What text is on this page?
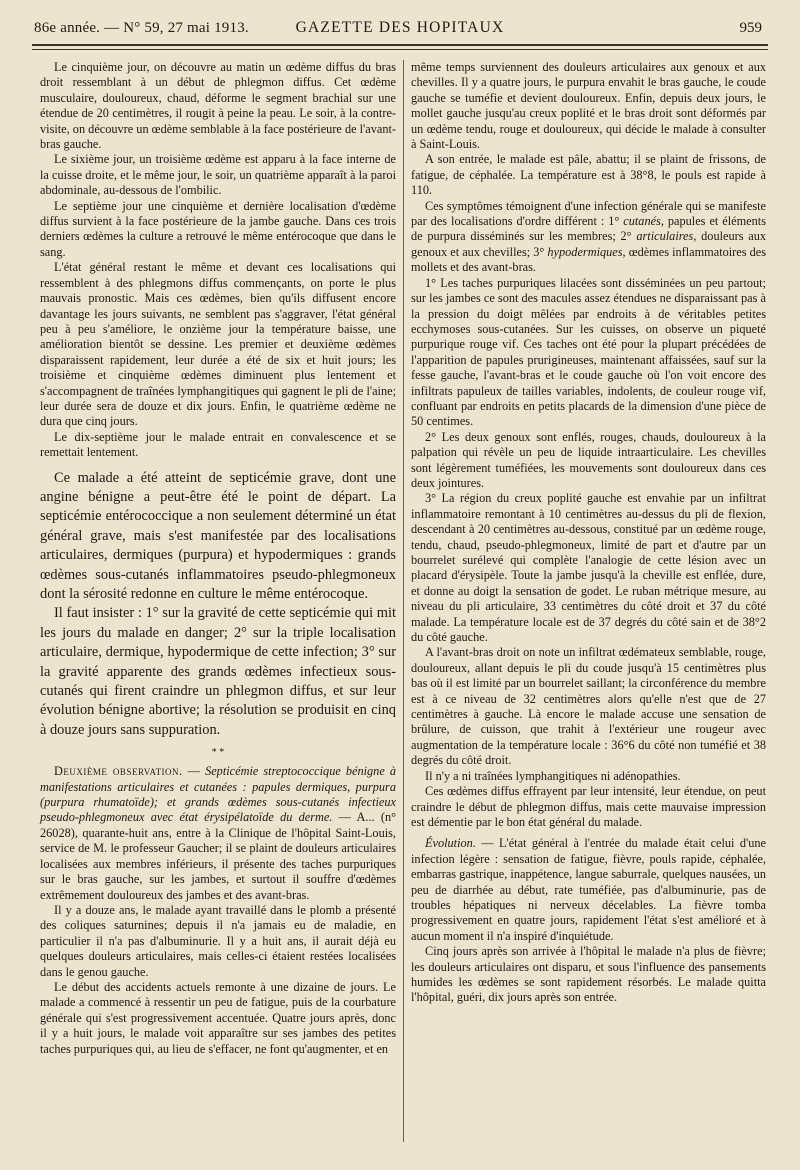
86e année. — N° 59, 27 mai 1913.	GAZETTE DES HOPITAUX	959

Le cinquième jour, on découvre au matin un œdème diffus du bras droit ressemblant à un début de phlegmon diffus. Cet œdème musculaire, douloureux, chaud, déforme le segment brachial sur une étendue de 20 centimètres, il rougit à peine la peau. Le soir, à la contre-visite, on découvre un œdème semblable à la face postérieure de l'avant-bras gauche.

Le sixième jour, un troisième œdème est apparu à la face interne de la cuisse droite, et le même jour, le soir, un quatrième apparaît à la paroi abdominale, au-dessous de l'ombilic.

Le septième jour une cinquième et dernière localisation d'œdème diffus survient à la face postérieure de la jambe gauche. Dans ces trois derniers œdèmes la culture a retrouvé le même entérocoque que dans le sang.

L'état général restant le même et devant ces localisations qui ressemblent à des phlegmons diffus commençants, on porte le plus mauvais pronostic. Mais ces œdèmes, bien qu'ils diffusent encore davantage les jours suivants, ne semblent pas s'aggraver, l'état général peu à peu s'améliore, le onzième jour la température baisse, une amélioration bientôt se dessine. Les premier et deuxième œdèmes disparaissent rapidement, leur durée a été de six et huit jours; les troisième et cinquième œdèmes diminuent plus lentement et s'accompagnent de traînées lymphangitiques qui gagnent le pli de l'aine; leur durée sera de douze et dix jours. Enfin, le quatrième œdème ne dura que cinq jours.

Le dix-septième jour le malade entrait en convalescence et se remettait lentement.

Ce malade a été atteint de septicémie grave, dont une angine bénigne a peut-être été le point de départ. La septicémie entérococcique a non seulement déterminé un état général grave, mais s'est manifestée par des localisations articulaires, dermiques (purpura) et hypodermiques : grands œdèmes sous-cutanés inflammatoires pseudo-phlegmoneux dont la sérosité redonne en culture le même entérocoque.

Il faut insister : 1° sur la gravité de cette septicémie qui mit les jours du malade en danger; 2° sur la triple localisation articulaire, dermique, hypodermique de cette infection; 3° sur la gravité apparente des grands œdèmes infectieux sous-cutanés qui firent craindre un phlegmon diffus, et sur leur évolution bénigne abortive; la résolution se produisit en cinq à douze jours sans suppuration.

* *

Deuxième observation. — Septicémie streptococcique bénigne à manifestations articulaires et cutanées : papules dermiques, purpura (purpura rhumatoïde); et grands œdèmes sous-cutanés infectieux pseudo-phlegmoneux avec état érysipélatoïde du derme. — A... (n° 26028), quarante-huit ans, entre à la Clinique de l'hôpital Saint-Louis, service de M. le professeur Gaucher; il se plaint de douleurs articulaires localisées aux membres inférieurs, il présente des taches purpuriques sur le bras gauche, sur les jambes, et surtout il souffre d'œdèmes extrêmement douloureux des jambes et des avant-bras.

Il y a douze ans, le malade ayant travaillé dans le plomb a présenté des coliques saturnines; depuis il n'a jamais eu de maladie, en particulier il n'a pas d'albuminurie. Il y a huit ans, il aurait déjà eu quelques douleurs articulaires, mais celles-ci étaient restées localisées dans le genou gauche.

Le début des accidents actuels remonte à une dizaine de jours. Le malade a commencé à ressentir un peu de fatigue, puis de la courbature générale qui s'est progressivement accentuée. Quatre jours après, donc il y a huit jours, le malade voit apparaître sur ses jambes des petites taches purpuriques qui, au lieu de s'effacer, ne font qu'augmenter, et en

même temps surviennent des douleurs articulaires aux genoux et aux chevilles. Il y a quatre jours, le purpura envahit le bras gauche, le coude gauche se tuméfie et devient douloureux. Enfin, depuis deux jours, le mollet gauche jusqu'au creux poplité et le bras droit sont déformés par un œdème tendu, rouge et douloureux, qui décide le malade à consulter à Saint-Louis.

A son entrée, le malade est pâle, abattu; il se plaint de frissons, de fatigue, de céphalée. La température est à 38°8, le pouls est rapide à 110.

Ces symptômes témoignent d'une infection générale qui se manifeste par des localisations d'ordre différent : 1° cutanés, papules et éléments de purpura disséminés sur les membres; 2° articulaires, douleurs aux genoux et aux chevilles; 3° hypodermiques, œdèmes inflammatoires des mollets et des avant-bras.

1° Les taches purpuriques lilacées sont disséminées un peu partout; sur les jambes ce sont des macules assez étendues ne disparaissant pas à la pression du doigt mêlées par endroits à de véritables petites ecchymoses sous-cutanées. Sur les cuisses, on observe un piqueté purpurique rouge vif. Ces taches ont été pour la plupart précédées de l'apparition de papules prurigineuses, maintenant affaissées, sauf sur la fesse gauche, l'avant-bras et le coude gauche où l'on voit encore des infiltrats papuleux de tailles variables, indolents, de couleur rouge vif, confluant par endroits en petits placards de la dimension d'une pièce de 50 centimes.

2° Les deux genoux sont enflés, rouges, chauds, douloureux à la palpation qui révèle un peu de liquide intraarticulaire. Les chevilles sont légèrement tuméfiées, les mouvements sont douloureux dans ces deux jointures.

3° La région du creux poplité gauche est envahie par un infiltrat inflammatoire remontant à 10 centimètres au-dessus du pli de flexion, descendant à 20 centimètres au-dessous, constitué par un œdème rouge, tendu, chaud, pseudo-phlegmoneux, limité de part et d'autre par un bourrelet surélevé qui complète l'analogie de cette lésion avec un placard d'érysipèle. Toute la jambe jusqu'à la cheville est enflée, dure, et donne au doigt la sensation de godet. Le ruban métrique mesure, au niveau du pli articulaire, 33 centimètres du côté droit et 37 du côté malade. La température locale est de 37 degrés du côté sain et de 38°2 du côté gauche.

A l'avant-bras droit on note un infiltrat œdémateux semblable, rouge, douloureux, allant depuis le pli du coude jusqu'à 15 centimètres plus bas où il est limité par un bourrelet saillant; la circonférence du membre est à ce niveau de 32 centimètres alors qu'elle n'est que de 27 centimètres à gauche. Là encore le malade accuse une sensation de brûlure, de cuisson, que trahit à l'extérieur une rougeur avec augmentation de la température locale : 36°6 du côté non tuméfié et 38 degrés du côté droit.

Il n'y a ni traînées lymphangitiques ni adénopathies.

Ces œdèmes diffus effrayent par leur intensité, leur étendue, on peut craindre le début de phlegmon diffus, mais cette mauvaise impression est démentie par le bon état général du malade.

Évolution. — L'état général à l'entrée du malade était celui d'une infection légère : sensation de fatigue, fièvre, pouls rapide, céphalée, embarras gastrique, inappétence, langue saburrale, quelques nausées, un peu de diarrhée au début, rate tuméfiée, pas d'albuminurie, pas de troubles hépatiques ni nerveux décelables. La fièvre tomba progressivement en quatre jours, rapidement l'état s'est amélioré et à aucun moment il n'a inspiré d'inquiétude.

Cinq jours après son arrivée à l'hôpital le malade n'a plus de fièvre; les douleurs articulaires ont disparu, et sous l'influence des pansements humides les œdèmes se sont rapidement résorbés. Le malade quitta l'hôpital, guéri, dix jours après son entrée.
